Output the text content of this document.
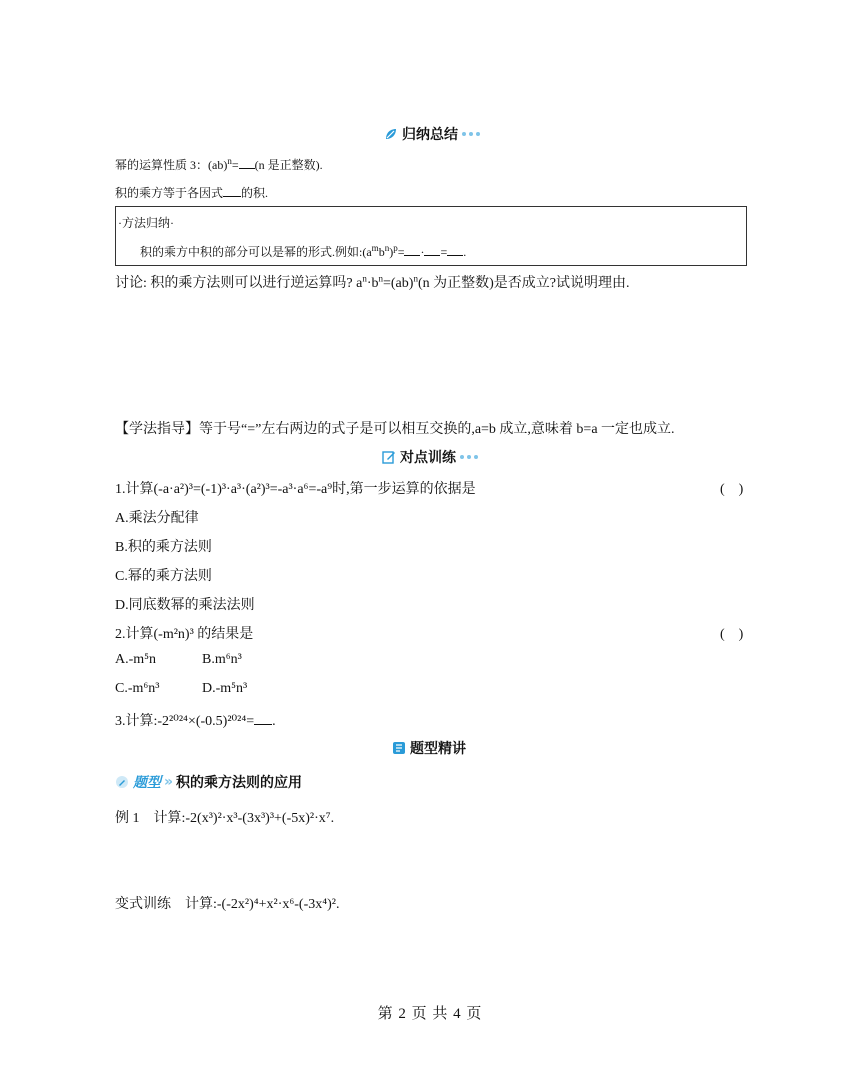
归纳总结
幂的运算性质 3：(ab)$^n$= (n 是正整数).
积的乘方等于各因式 的积.
·方法归纳·
积的乘方中积的部分可以是幂的形式.例如$:(a^mb^n)^p=$ · = .
讨论: 积的乘方法则可以进行逆运算吗? $a^n\cdot b^n=(ab)^n(n$ 为正整数)是否成立?试说明理由.
【学法指导】等于号“=”左右两边的式子是可以相互交换的,a=b 成立,意味着 b=a 一定也成立.
对点训练
1.计算(-a·a²)³=(-1)³·a³·(a²)³=-a³·a⁶=-a⁹时,第一步运算的依据是	(　)
A.乘法分配律
B.积的乘方法则
C.幂的乘方法则
D.同底数幂的乘法法则
2.计算(-m²n)³ 的结果是	(　)
A.-m⁵n	B.m⁶n³
C.-m⁶n³	D.-m⁵n³
3.计算:-2²⁰²⁴×(-0.5)²⁰²⁴= .
题型精讲
题型 » 积的乘方法则的应用
例 1　计算:-2(x³)²·x³-(3x³)³+(-5x)²·x⁷.
变式训练　计算:-(-2x²)⁴+x²·x⁶-(-3x⁴)².
第 2 页 共 4 页
